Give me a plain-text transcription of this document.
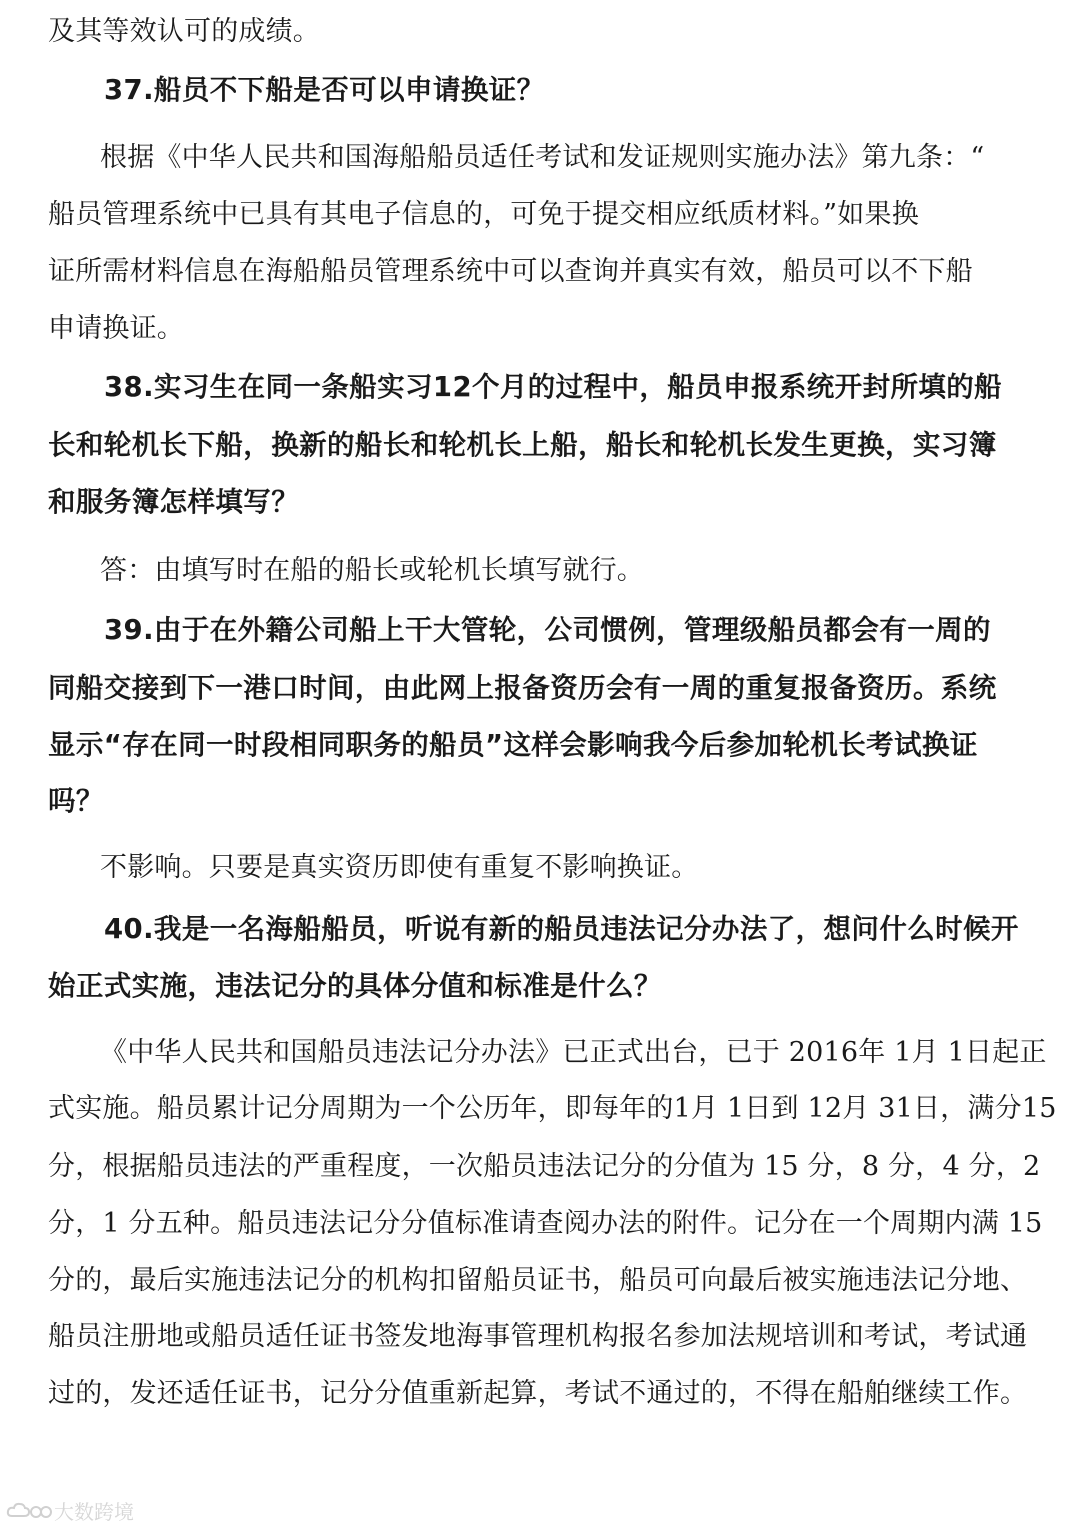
及其等效认可的成绩。
37.船员不下船是否可以申请换证？
根据《中华人民共和国海船船员适任考试和发证规则实施办法》第九条：“
船员管理系统中已具有其电子信息的，可免于提交相应纸质材料。”如果换
证所需材料信息在海船船员管理系统中可以查询并真实有效，船员可以不下船
申请换证。
38.实习生在同一条船实习12个月的过程中，船员申报系统开封所填的船
长和轮机长下船，换新的船长和轮机长上船，船长和轮机长发生更换，实习簿
和服务簿怎样填写？
答：由填写时在船的船长或轮机长填写就行。
39.由于在外籍公司船上干大管轮，公司惯例，管理级船员都会有一周的
同船交接到下一港口时间，由此网上报备资历会有一周的重复报备资历。系统
显示“存在同一时段相同职务的船员”这样会影响我今后参加轮机长考试换证
吗？
不影响。只要是真实资历即使有重复不影响换证。
40.我是一名海船船员，听说有新的船员违法记分办法了，想问什么时候开
始正式实施，违法记分的具体分值和标准是什么？
《中华人民共和国船员违法记分办法》已正式出台，已于 2016年 1月 1日起正
式实施。船员累计记分周期为一个公历年，即每年的1月 1日到 12月 31日，满分15
分，根据船员违法的严重程度，一次船员违法记分的分值为 15 分，8 分，4 分，2
分，1 分五种。船员违法记分分值标准请查阅办法的附件。记分在一个周期内满 15
分的，最后实施违法记分的机构扣留船员证书，船员可向最后被实施违法记分地、
船员注册地或船员适任证书签发地海事管理机构报名参加法规培训和考试，考试通
过的，发还适任证书，记分分值重新起算，考试不通过的，不得在船舶继续工作。
大数跨境
